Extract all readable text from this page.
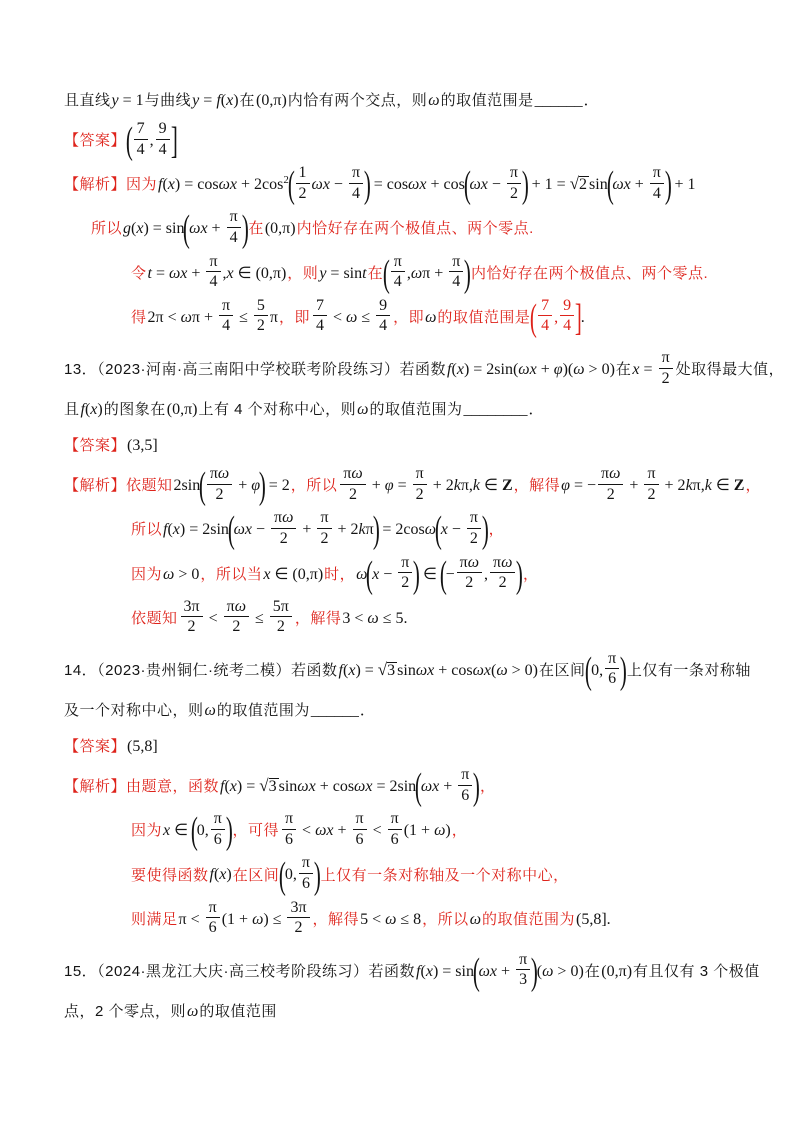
且直线y = 1与曲线y = f(x)在(0,π)内恰有两个交点，则ω的取值范围是______．
【答案】( $\frac{7}{4}$ , $\frac{9}{4}$ ]
【解析】因为$f(x) = \cos\omega x + 2\cos^2( \frac{1}{2}$ $\omega x - \frac{\pi}{4}$ ) = $\cos\omega x + \cos(\omega x - \frac{\pi}{2}$ ) + 1 = √2 $\sin(\omega x + \frac{\pi}{4}$ ) + 1
所以$g(x) = \sin(\omega x + \frac{\pi}{4}$ )在(0,π)内恰好存在两个极值点、两个零点.
令$t = \omega x + \frac{\pi}{4} ,x$ ∈ (0,π)，则y = sint在( $\frac{\pi}{4} ,\omega\pi + \frac{\pi}{4}$ )内恰好存在两个极值点、两个零点.
得$2\pi < \omega\pi + \frac{\pi}{4} \le \frac{5}{2}$ π，即 $\frac{7}{4} < \omega \le \frac{9}{4}$ ，即ω的取值范围是( $\frac{7}{4}$ , $\frac{9}{4}$ ].
13．（2023·河南·高三南阳中学校联考阶段练习）若函数f(x) = 2sin(ωx + φ)(ω > 0)在$x = \frac{\pi}{2}$ 处取得最大值，
且f(x)的图象在(0,π)上有 4 个对称中心，则ω的取值范围为________．
【答案】(3,5]
【解析】依题知$2\sin( \frac{\pi\omega}{2} + \varphi) = 2$，所以 $\frac{\pi\omega}{2} + \varphi = \frac{\pi}{2} + 2k\pi,k$ ∈ Z，解得φ = − $\frac{\pi\omega}{2} + \frac{\pi}{2} + 2k\pi,k$ ∈ Z，
所以$f(x) = 2\sin(\omega x - \frac{\pi\omega}{2} + \frac{\pi}{2} + 2k\pi) = 2\cos\omega(x - \frac{\pi}{2}$ )，
因为ω > 0，所以当x ∈ (0,π)时，$\omega(x - \frac{\pi}{2}$ ) ∈ (− $\frac{\pi\omega}{2}$ , $\frac{\pi\omega}{2}$ )，
依题知 $\frac{3\pi}{2} < \frac{\pi\omega}{2} \le \frac{5\pi}{2}$ ，解得3 < ω ≤ 5.
14．（2023·贵州铜仁·统考二模）若函数f(x) = √3 sinωx + cosωx(ω > 0)在区间(0, $\frac{\pi}{6}$ )上仅有一条对称轴
及一个对称中心，则ω的取值范围为______．
【答案】(5,8]
【解析】由题意，函数f(x) = √3 $\sin\omega x + \cos\omega x = 2\sin(\omega x + \frac{\pi}{6}$ )，
因为x ∈ (0, $\frac{\pi}{6}$ )，可得 $\frac{\pi}{6} < \omega x + \frac{\pi}{6} < \frac{\pi}{6} (1 + \omega)$，
要使得函数f(x)在区间(0, $\frac{\pi}{6}$ )上仅有一条对称轴及一个对称中心，
则满足$\pi < \frac{\pi}{6} (1 + \omega) \le \frac{3\pi}{2}$ ，解得5 < ω ≤ 8，所以ω的取值范围为(5,8].
15．（2024·黑龙江大庆·高三校考阶段练习）若函数$f(x) = \sin(\omega x + \frac{\pi}{3} )(\omega > 0)$在(0,π)有且仅有 3 个极值
点，2 个零点，则ω的取值范围
